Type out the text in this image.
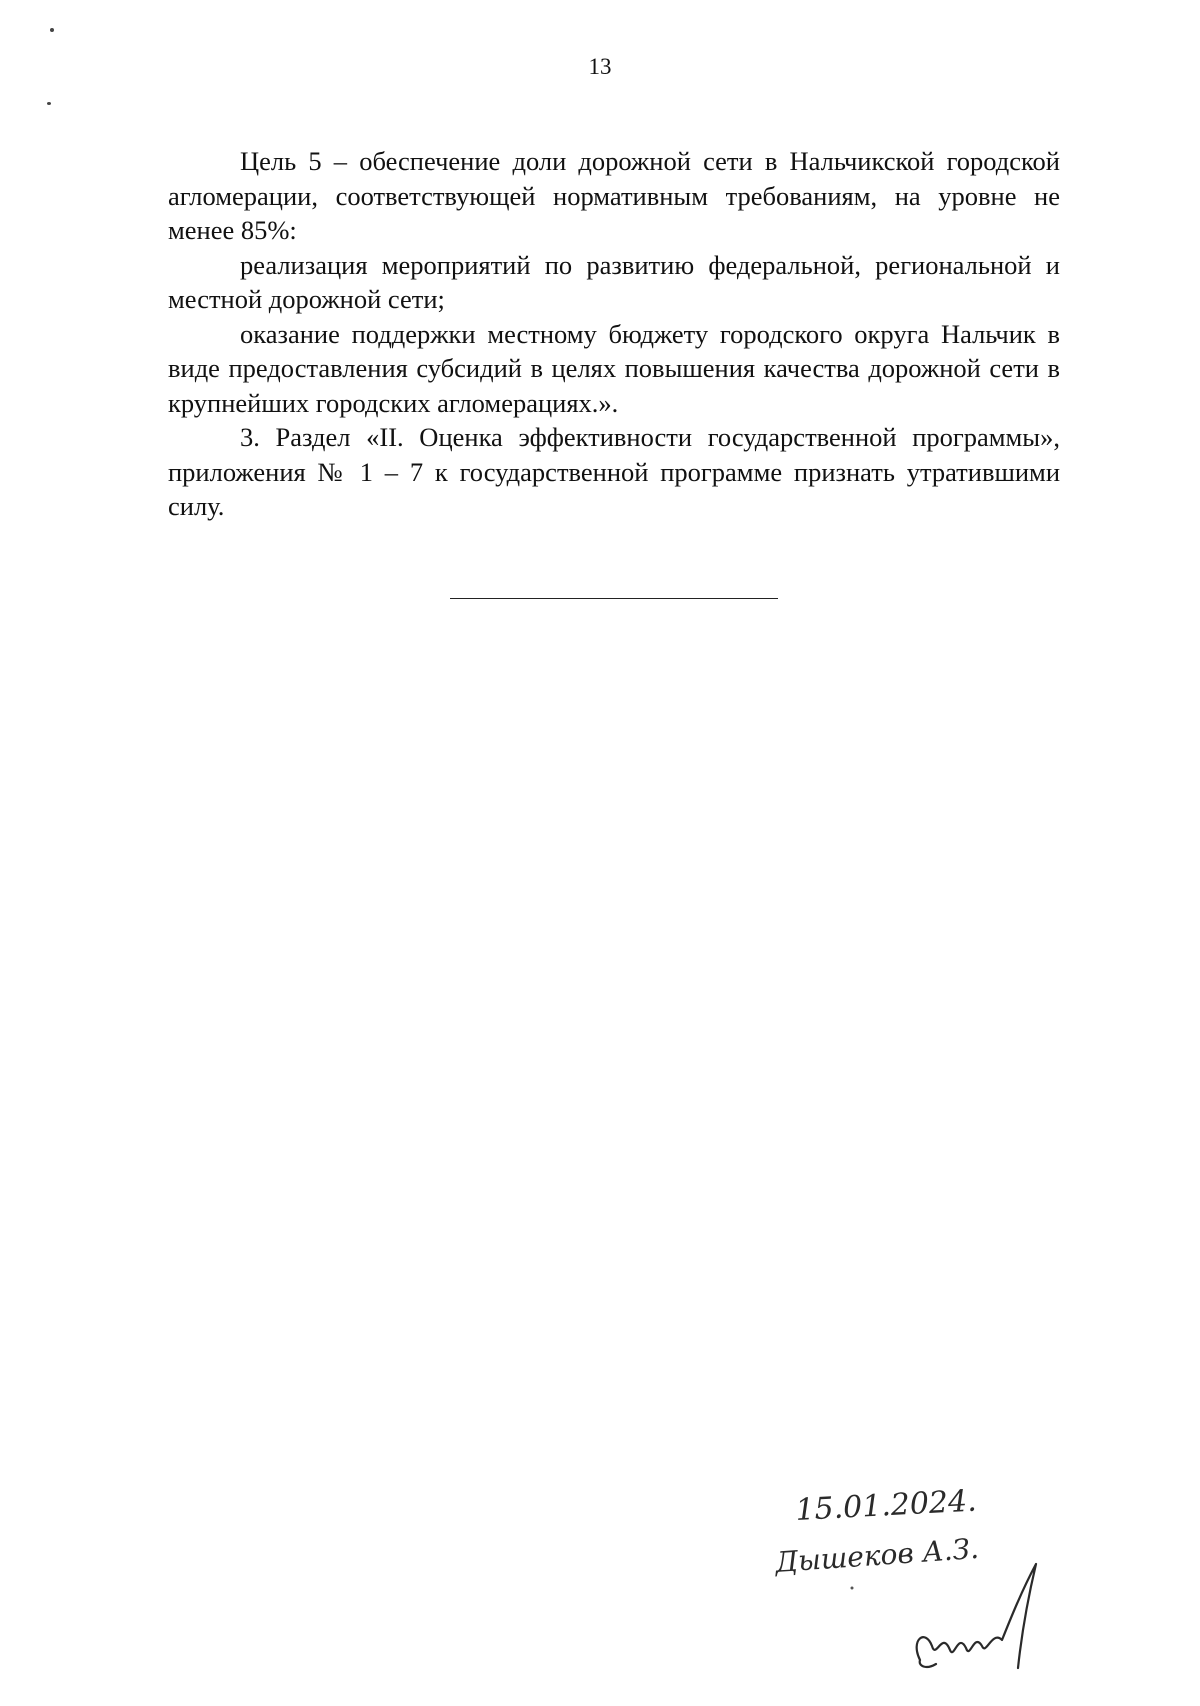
13

Цель 5 – обеспечение доли дорожной сети в Нальчикской городской агломерации, соответствующей нормативным требованиям, на уровне не менее 85%:

реализация мероприятий по развитию федеральной, региональной и местной дорожной сети;

оказание поддержки местному бюджету городского округа Нальчик в виде предоставления субсидий в целях повышения качества дорожной сети в крупнейших городских агломерациях.».

3. Раздел «II. Оценка эффективности государственной программы», приложения № 1 – 7 к государственной программе признать утратившими силу.

15.01.2024.
Дышеков А.З.
